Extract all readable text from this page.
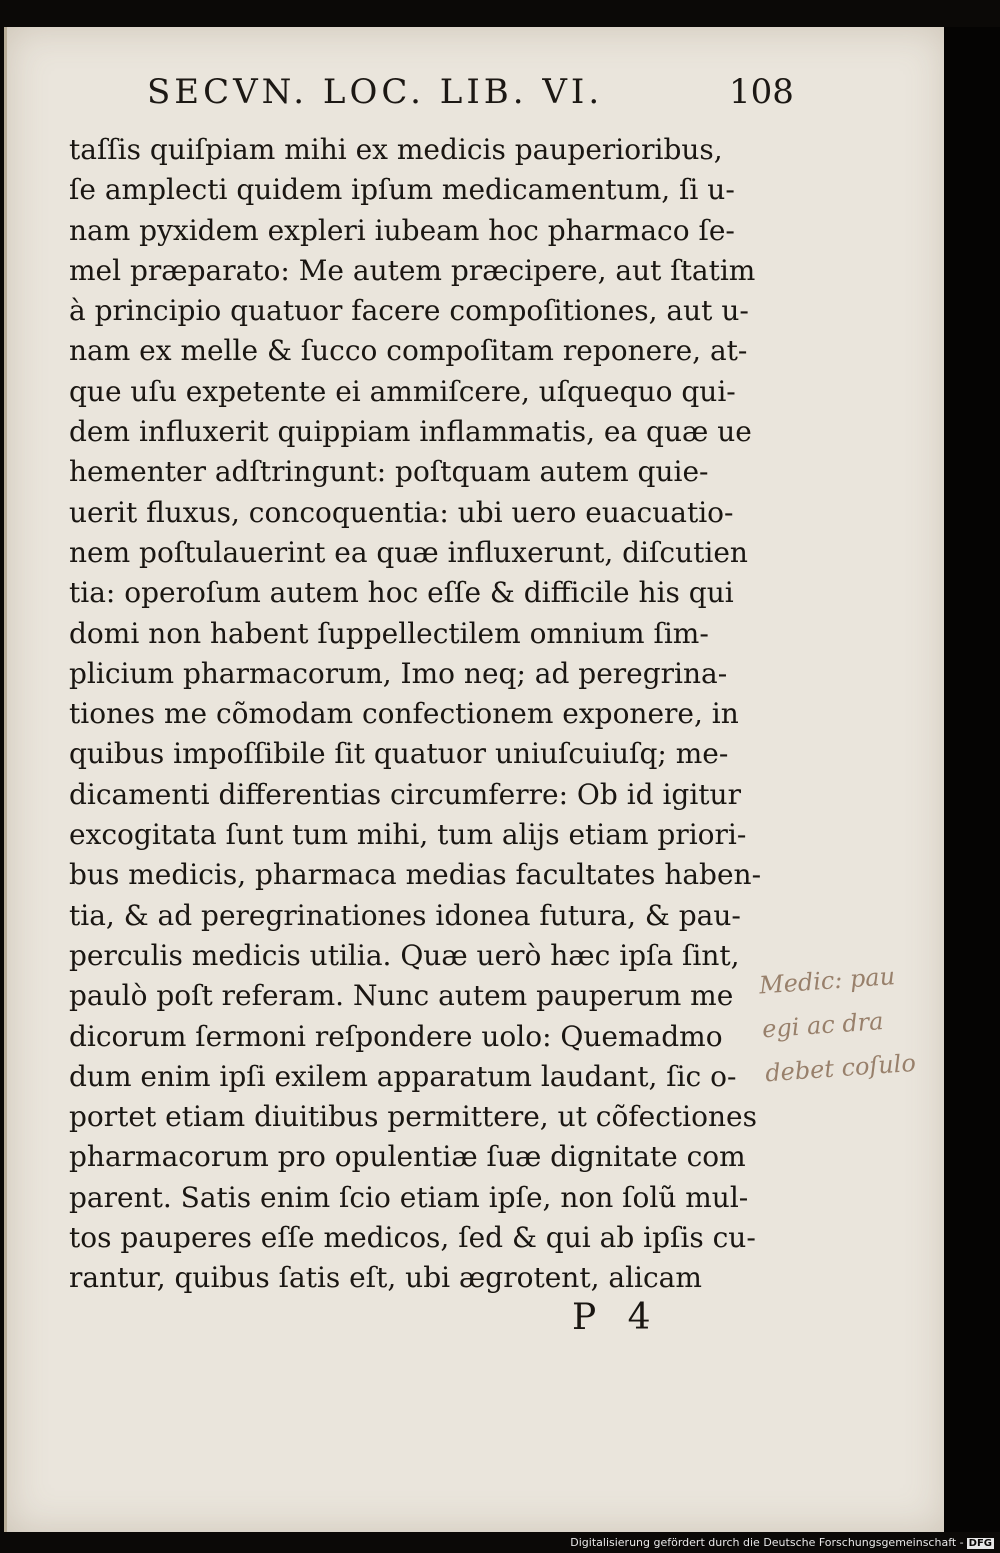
SECVN. LOC. LIB. VI.	108
taſſis quiſpiam mihi ex medicis pauperioribus,
ſe amplecti quidem ipſum medicamentum, ſi u-
nam pyxidem expleri iubeam hoc pharmaco ſe-
mel præparato: Me autem præcipere, aut ſtatim
à principio quatuor facere compoſitiones, aut u-
nam ex melle & ſucco compoſitam reponere, at-
que uſu expetente ei ammiſcere, uſquequo qui-
dem influxerit quippiam inflammatis, ea quæ ue
hementer adſtringunt: poſtquam autem quie-
uerit fluxus, concoquentia: ubi uero euacuatio-
nem poſtulauerint ea quæ influxerunt, diſcutien
tia: operoſum autem hoc eſſe & difficile his qui
domi non habent ſuppellectilem omnium ſim-
plicium pharmacorum, Imo neq; ad peregrina-
tiones me cõmodam confectionem exponere, in
quibus impoſſibile ſit quatuor uniuſcuiuſq; me-
dicamenti differentias circumferre: Ob id igitur
excogitata ſunt tum mihi, tum alijs etiam priori-
bus medicis, pharmaca medias facultates haben-
tia, & ad peregrinationes idonea futura, & pau-
perculis medicis utilia. Quæ uerò hæc ipſa ſint,
paulò poſt referam. Nunc autem pauperum me
dicorum ſermoni reſpondere uolo: Quemadmo
dum enim ipſi exilem apparatum laudant, ſic o-
portet etiam diuitibus permittere, ut cõfectiones
pharmacorum pro opulentiæ ſuæ dignitate com
parent. Satis enim ſcio etiam ipſe, non ſolũ mul-
tos pauperes eſſe medicos, ſed & qui ab ipſis cu-
rantur, quibus ſatis eſt, ubi ægrotent, alicam
P 4
Medic: pau
egi ac dra
debet coſulo
Digitalisierung gefördert durch die Deutsche Forschungsgemeinschaft - DFG
